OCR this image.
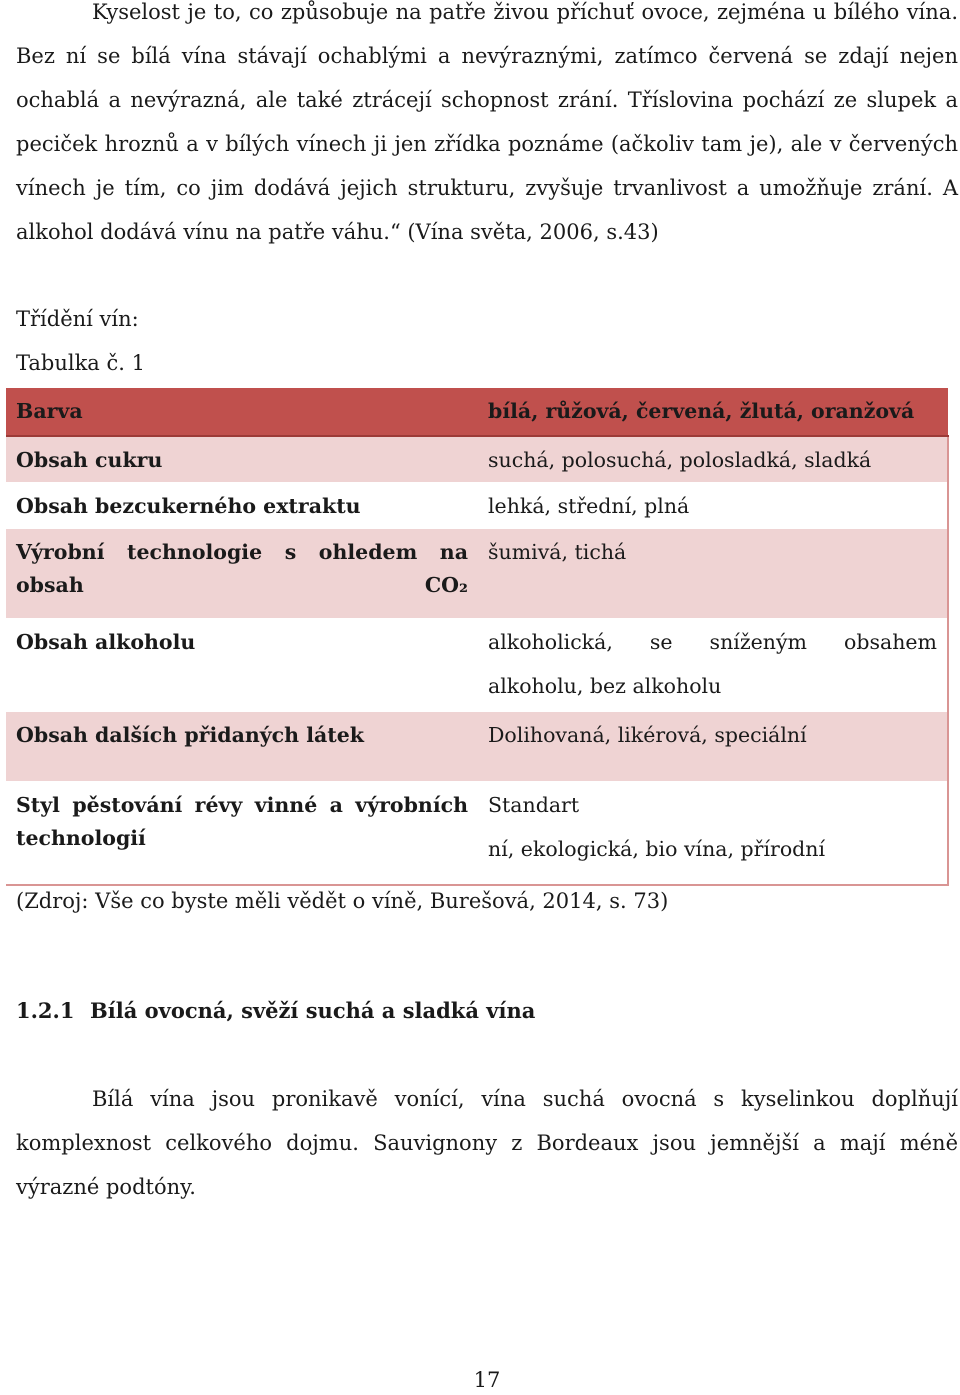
Kyselost je to, co způsobuje na patře živou příchuť ovoce, zejména u bílého vína. Bez ní se bílá vína stávají ochablými a nevýraznými, zatímco červená se zdají nejen ochablá a nevýrazná, ale také ztrácejí schopnost zrání. Tříslovina pochází ze slupek a peciček hroznů a v bílých vínech ji jen zřídka poznáme (ačkoliv tam je), ale v červených vínech je tím, co jim dodává jejich strukturu, zvyšuje trvanlivost a umožňuje zrání. A alkohol dodává vínu na patře váhu.“ (Vína světa, 2006, s.43)

Třídění vín:
Tabulka č. 1
Barva	bílá, růžová, červená, žlutá, oranžová
Obsah cukru	suchá, polosuchá, polosladká, sladká
Obsah bezcukerného extraktu	lehká, střední, plná
Výrobní technologie s ohledem na obsah CO₂	šumivá, tichá
Obsah alkoholu	alkoholická, se sníženým obsahem
alkoholu, bez alkoholu

Obsah dalších přidaných látek	Dolihovaná, likérová, speciální
Styl pěstování révy vinné a výrobních technologií	Standart
ní, ekologická, bio vína, přírodní
(Zdroj: Vše co byste měli vědět o víně, Burešová, 2014, s. 73)
1.2.1 Bílá ovocná, svěží suchá a sladká vína

Bílá vína jsou pronikavě vonící, vína suchá ovocná s kyselinkou doplňují komplexnost celkového dojmu. Sauvignony z Bordeaux jsou jemnější a mají méně výrazné podtóny.

17
